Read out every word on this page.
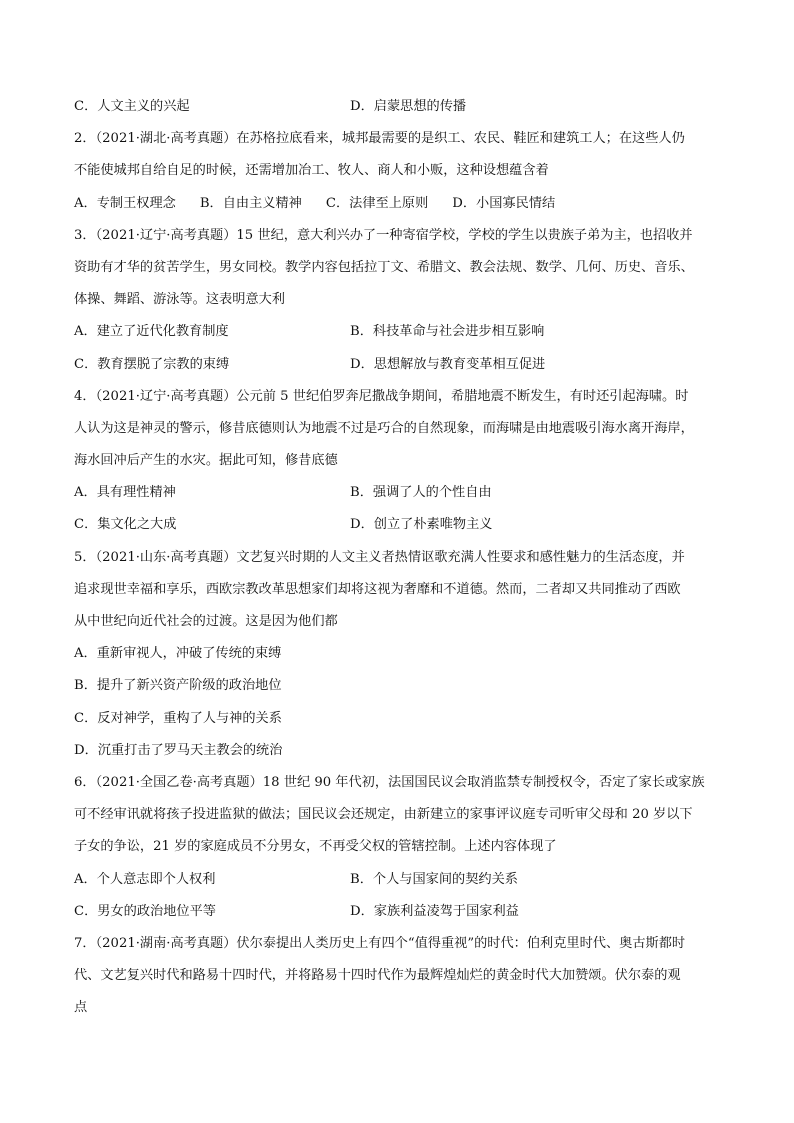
C．人文主义的兴起	D．启蒙思想的传播
2．（2021·湖北·高考真题）在苏格拉底看来，城邦最需要的是织工、农民、鞋匠和建筑工人；在这些人仍
不能使城邦自给自足的时候，还需增加冶工、牧人、商人和小贩，这种设想蕴含着
A．专制王权理念 B．自由主义精神 C．法律至上原则 D．小国寡民情结
3．（2021·辽宁·高考真题）15 世纪，意大利兴办了一种寄宿学校，学校的学生以贵族子弟为主，也招收并
资助有才华的贫苦学生，男女同校。教学内容包括拉丁文、希腊文、教会法规、数学、几何、历史、音乐、
体操、舞蹈、游泳等。这表明意大利
A．建立了近代化教育制度	B．科技革命与社会进步相互影响
C．教育摆脱了宗教的束缚	D．思想解放与教育变革相互促进
4．（2021·辽宁·高考真题）公元前 5 世纪伯罗奔尼撒战争期间，希腊地震不断发生，有时还引起海啸。时
人认为这是神灵的警示，修昔底德则认为地震不过是巧合的自然现象，而海啸是由地震吸引海水离开海岸，
海水回冲后产生的水灾。据此可知，修昔底德
A．具有理性精神	B．强调了人的个性自由
C．集文化之大成	D．创立了朴素唯物主义
5．（2021·山东·高考真题）文艺复兴时期的人文主义者热情讴歌充满人性要求和感性魅力的生活态度，并
追求现世幸福和享乐，西欧宗教改革思想家们却将这视为奢靡和不道德。然而，二者却又共同推动了西欧
从中世纪向近代社会的过渡。这是因为他们都
A．重新审视人，冲破了传统的束缚
B．提升了新兴资产阶级的政治地位
C．反对神学，重构了人与神的关系
D．沉重打击了罗马天主教会的统治
6．（2021·全国乙卷·高考真题）18 世纪 90 年代初，法国国民议会取消监禁专制授权令，否定了家长或家族
可不经审讯就将孩子投进监狱的做法；国民议会还规定，由新建立的家事评议庭专司听审父母和 20 岁以下
子女的争讼，21 岁的家庭成员不分男女，不再受父权的管辖控制。上述内容体现了
A．个人意志即个人权利	B．个人与国家间的契约关系
C．男女的政治地位平等	D．家族利益凌驾于国家利益
7．（2021·湖南·高考真题）伏尔泰提出人类历史上有四个“值得重视”的时代：伯利克里时代、奥古斯都时
代、文艺复兴时代和路易十四时代，并将路易十四时代作为最辉煌灿烂的黄金时代大加赞颂。伏尔泰的观
点
